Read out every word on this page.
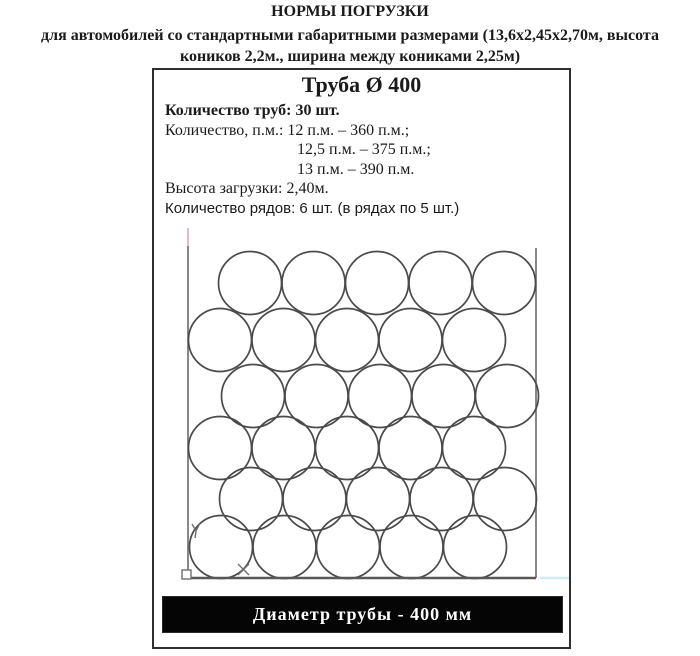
НОРМЫ ПОГРУЗКИ
для автомобилей со стандартными габаритными размерами (13,6х2,45х2,70м, высота
коников 2,2м., ширина между кониками 2,25м)
Труба Ø 400
Количество труб: 30 шт.
Количество, п.м.: 12 п.м. – 360 п.м.;
12,5 п.м. – 375 п.м.;
13 п.м. – 390 п.м.
Высота загрузки: 2,40м.
Количество рядов: 6 шт. (в рядах по 5 шт.)
Диаметр трубы - 400 мм
